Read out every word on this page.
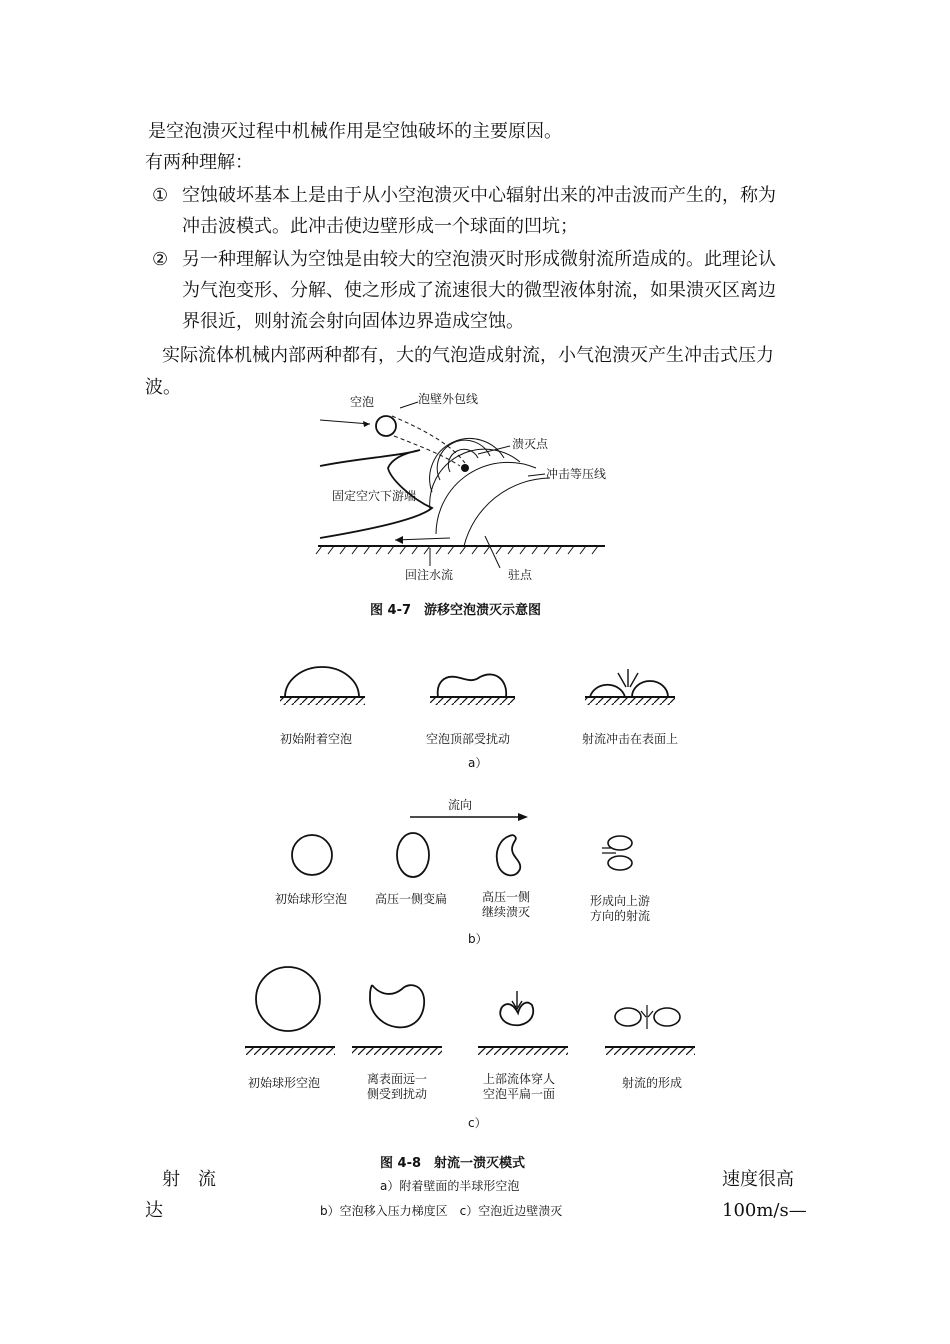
是空泡溃灭过程中机械作用是空蚀破坏的主要原因。
有两种理解：
① 空蚀破坏基本上是由于从小空泡溃灭中心辐射出来的冲击波而产生的，称为
冲击波模式。此冲击使边壁形成一个球面的凹坑；
② 另一种理解认为空蚀是由较大的空泡溃灭时形成微射流所造成的。此理论认
为气泡变形、分解、使之形成了流速很大的微型液体射流，如果溃灭区离边
界很近，则射流会射向固体边界造成空蚀。
实际流体机械内部两种都有，大的气泡造成射流，小气泡溃灭产生冲击式压力
波。
空泡	泡壁外包线
溃灭点
冲击等压线
固定空穴下游端
回注水流	驻点
图 4-7　游移空泡溃灭示意图
初始附着空泡	空泡顶部受扰动	射流冲击在表面上
a）
流向
初始球形空泡 高压一侧变扁	高压一侧
继续溃灭
形成向上游
方向的射流
b）
初始球形空泡	离表面远一
侧受到扰动
上部流体穿人
空泡平扁一面
射流的形成
c）
图 4-8　射流一溃灭模式
a）附着壁面的半球形空泡
b）空泡移入压力梯度区　c）空泡近边壁溃灭
射　流
达
速度很高
100m/s—
